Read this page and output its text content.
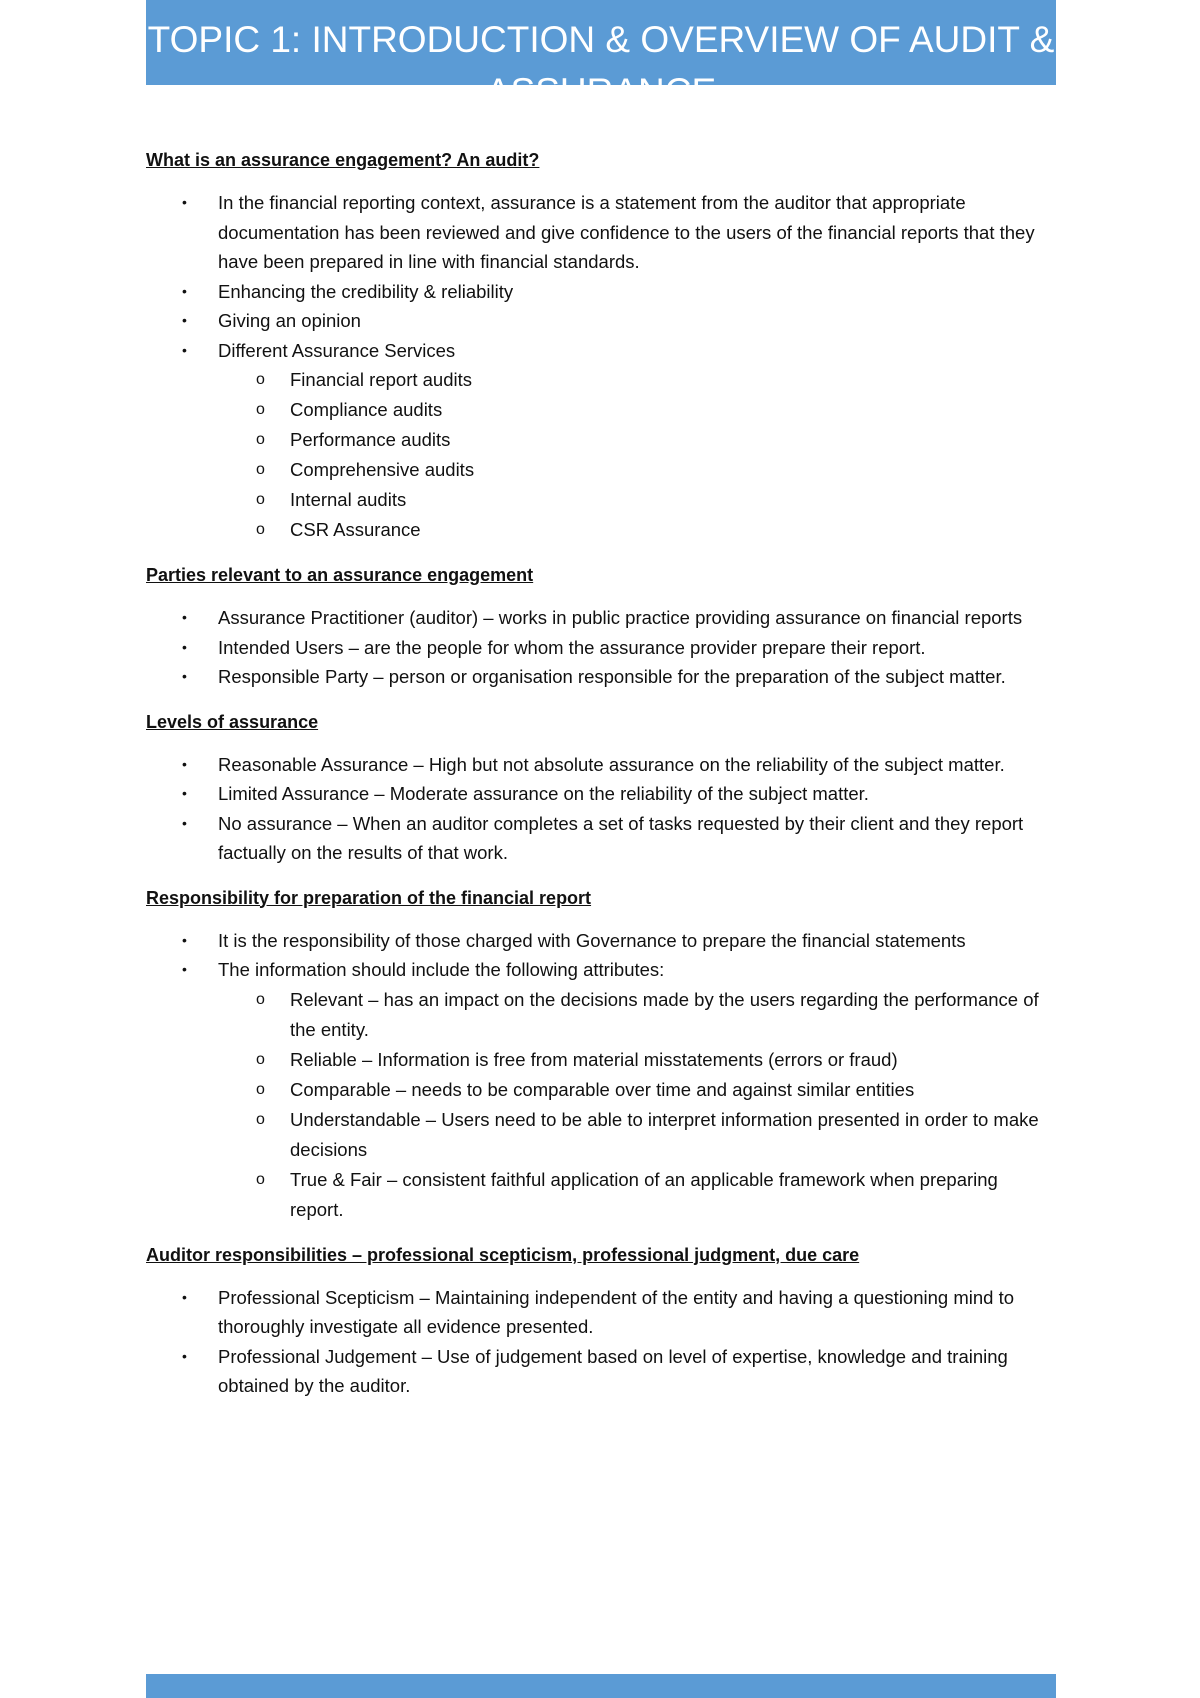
TOPIC 1: INTRODUCTION & OVERVIEW OF AUDIT & ASSURANCE
What is an assurance engagement? An audit?
• In the financial reporting context, assurance is a statement from the auditor that appropriate documentation has been reviewed and give confidence to the users of the financial reports that they have been prepared in line with financial standards.
• Enhancing the credibility & reliability
• Giving an opinion
• Different Assurance Services
o Financial report audits
o Compliance audits
o Performance audits
o Comprehensive audits
o Internal audits
o CSR Assurance
Parties relevant to an assurance engagement
• Assurance Practitioner (auditor) – works in public practice providing assurance on financial reports
• Intended Users – are the people for whom the assurance provider prepare their report.
• Responsible Party – person or organisation responsible for the preparation of the subject matter.
Levels of assurance
• Reasonable Assurance – High but not absolute assurance on the reliability of the subject matter.
• Limited Assurance – Moderate assurance on the reliability of the subject matter.
• No assurance – When an auditor completes a set of tasks requested by their client and they report factually on the results of that work.
Responsibility for preparation of the financial report
• It is the responsibility of those charged with Governance to prepare the financial statements
• The information should include the following attributes:
o Relevant – has an impact on the decisions made by the users regarding the performance of the entity.
o Reliable – Information is free from material misstatements (errors or fraud)
o Comparable – needs to be comparable over time and against similar entities
o Understandable – Users need to be able to interpret information presented in order to make decisions
o True & Fair – consistent faithful application of an applicable framework when preparing report.
Auditor responsibilities – professional scepticism, professional judgment, due care
• Professional Scepticism – Maintaining independent of the entity and having a questioning mind to thoroughly investigate all evidence presented.
• Professional Judgement – Use of judgement based on level of expertise, knowledge and training obtained by the auditor.
